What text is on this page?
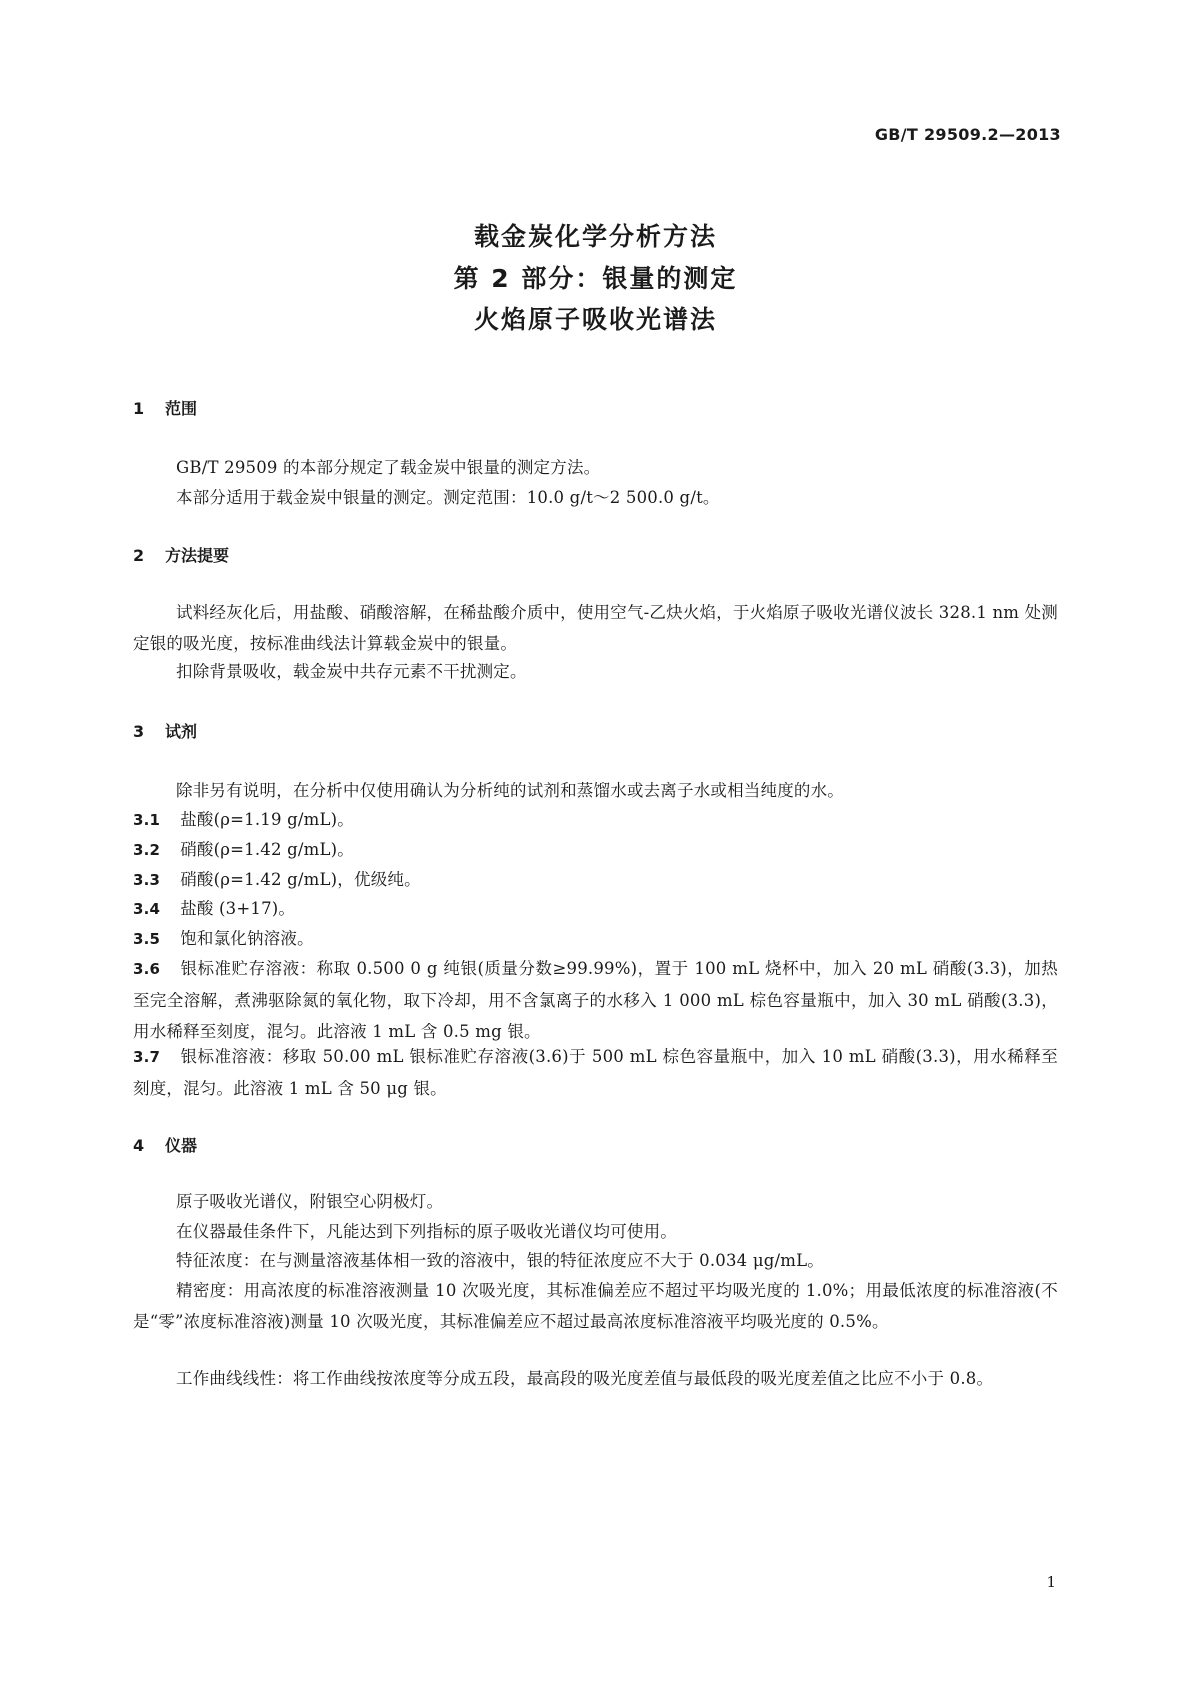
GB/T 29509.2—2013
载金炭化学分析方法
第 2 部分：银量的测定
火焰原子吸收光谱法
1 范围
GB/T 29509 的本部分规定了载金炭中银量的测定方法。
本部分适用于载金炭中银量的测定。测定范围：10.0 g/t～2 500.0 g/t。
2 方法提要
试料经灰化后，用盐酸、硝酸溶解，在稀盐酸介质中，使用空气-乙炔火焰，于火焰原子吸收光谱仪波长 328.1 nm 处测定银的吸光度，按标准曲线法计算载金炭中的银量。
扣除背景吸收，载金炭中共存元素不干扰测定。
3 试剂
除非另有说明，在分析中仅使用确认为分析纯的试剂和蒸馏水或去离子水或相当纯度的水。
3.1 盐酸(ρ=1.19 g/mL)。
3.2 硝酸(ρ=1.42 g/mL)。
3.3 硝酸(ρ=1.42 g/mL)，优级纯。
3.4 盐酸 (3+17)。
3.5 饱和氯化钠溶液。
3.6 银标准贮存溶液：称取 0.500 0 g 纯银(质量分数≥99.99%)，置于 100 mL 烧杯中，加入 20 mL 硝酸(3.3)，加热至完全溶解，煮沸驱除氮的氧化物，取下冷却，用不含氯离子的水移入 1 000 mL 棕色容量瓶中，加入 30 mL 硝酸(3.3)，用水稀释至刻度，混匀。此溶液 1 mL 含 0.5 mg 银。
3.7 银标准溶液：移取 50.00 mL 银标准贮存溶液(3.6)于 500 mL 棕色容量瓶中，加入 10 mL 硝酸(3.3)，用水稀释至刻度，混匀。此溶液 1 mL 含 50 μg 银。
4 仪器
原子吸收光谱仪，附银空心阴极灯。
在仪器最佳条件下，凡能达到下列指标的原子吸收光谱仪均可使用。
特征浓度：在与测量溶液基体相一致的溶液中，银的特征浓度应不大于 0.034 μg/mL。
精密度：用高浓度的标准溶液测量 10 次吸光度，其标准偏差应不超过平均吸光度的 1.0%；用最低浓度的标准溶液(不是“零”浓度标准溶液)测量 10 次吸光度，其标准偏差应不超过最高浓度标准溶液平均吸光度的 0.5%。
工作曲线线性：将工作曲线按浓度等分成五段，最高段的吸光度差值与最低段的吸光度差值之比应不小于 0.8。
1
